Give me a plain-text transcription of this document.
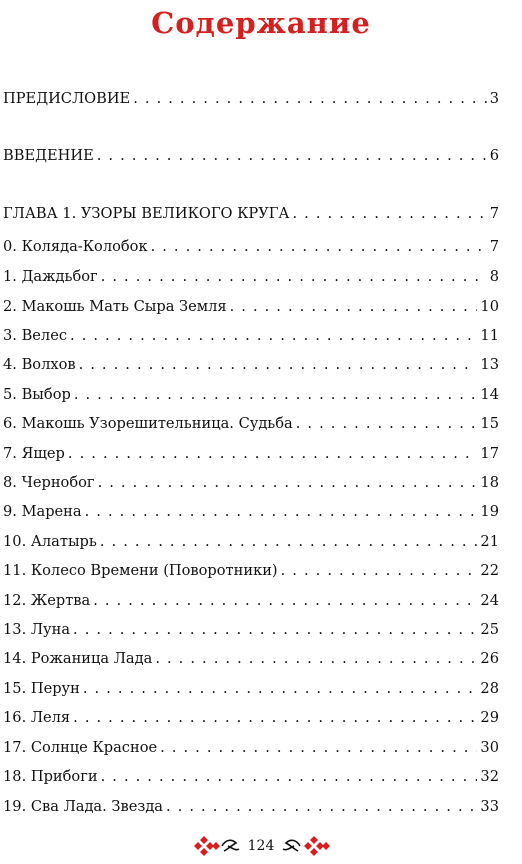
Содержание
ПРЕДИСЛОВИЕ . . .	3
ВВЕДЕНИЕ . . .	6
ГЛАВА 1. УЗОРЫ ВЕЛИКОГО КРУГА . . .	7
0. Коляда-Колобок . . .	7
1. Даждьбог . . .	8
2. Макошь Мать Сыра Земля . . .	10
3. Велес . . .	11
4. Волхов . . .	13
5. Выбор . . .	14
6. Макошь Узорешительница. Судьба . . .	15
7. Ящер . . .	17
8. Чернобог . . .	18
9. Марена . . .	19
10. Алатырь . . .	21
11. Колесо Времени (Поворотники) . . .	22
12. Жертва . . .	24
13. Луна . . .	25
14. Рожаница Лада . . .	26
15. Перун . . .	28
16. Леля . . .	29
17. Солнце Красное . . .	30
18. Прибоги . . .	32
19. Сва Лада. Звезда . . .	33
124
